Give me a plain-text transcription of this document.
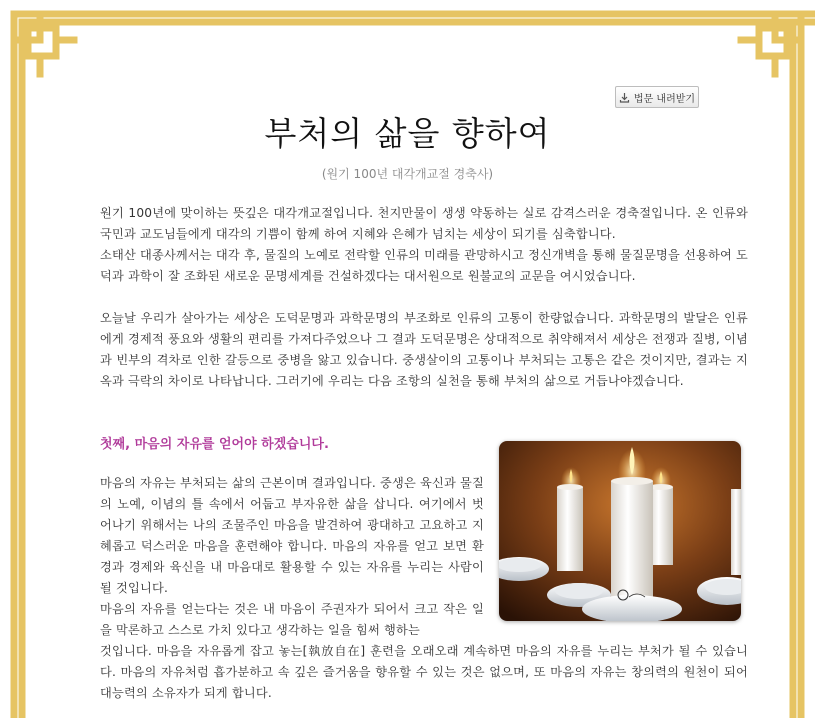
법문 내려받기
부처의 삶을 향하여
(원기 100년 대각개교절 경축사)

원기 100년에 맞이하는 뜻깊은 대각개교절입니다. 천지만물이 생생 약동하는 실로 감격스러운 경축절입니다. 온 인류와 국민과 교도님들에게 대각의 기쁨이 함께 하여 지혜와 은혜가 넘치는 세상이 되기를 심축합니다.

소태산 대종사께서는 대각 후, 물질의 노예로 전락할 인류의 미래를 관망하시고 정신개벽을 통해 물질문명을 선용하여 도덕과 과학이 잘 조화된 새로운 문명세계를 건설하겠다는 대서원으로 원불교의 교문을 여시었습니다.

오늘날 우리가 살아가는 세상은 도덕문명과 과학문명의 부조화로 인류의 고통이 한량없습니다. 과학문명의 발달은 인류에게 경제적 풍요와 생활의 편리를 가져다주었으나 그 결과 도덕문명은 상대적으로 취약해져서 세상은 전쟁과 질병, 이념과 빈부의 격차로 인한 갈등으로 중병을 앓고 있습니다. 중생살이의 고통이나 부처되는 고통은 같은 것이지만, 결과는 지옥과 극락의 차이로 나타납니다. 그러기에 우리는 다음 조항의 실천을 통해 부처의 삶으로 거듭나야겠습니다.

첫째, 마음의 자유를 얻어야 하겠습니다.

마음의 자유는 부처되는 삶의 근본이며 결과입니다. 중생은 육신과 물질의 노예, 이념의 틀 속에서 어둡고 부자유한 삶을 삽니다. 여기에서 벗어나기 위해서는 나의 조물주인 마음을 발견하여 광대하고 고요하고 지혜롭고 덕스러운 마음을 훈련해야 합니다. 마음의 자유를 얻고 보면 환경과 경제와 육신을 내 마음대로 활용할 수 있는 자유를 누리는 사람이 될 것입니다.

마음의 자유를 얻는다는 것은 내 마음이 주권자가 되어서 크고 작은 일을 막론하고 스스로 가치 있다고 생각하는 일을 힘써 행하는

것입니다. 마음을 자유롭게 잡고 놓는[執放自在] 훈련을 오래오래 계속하면 마음의 자유를 누리는 부처가 될 수 있습니다. 마음의 자유처럼 흡가분하고 속 깊은 즐거움을 향유할 수 있는 것은 없으며, 또 마음의 자유는 창의력의 원천이 되어 대능력의 소유자가 되게 합니다.
